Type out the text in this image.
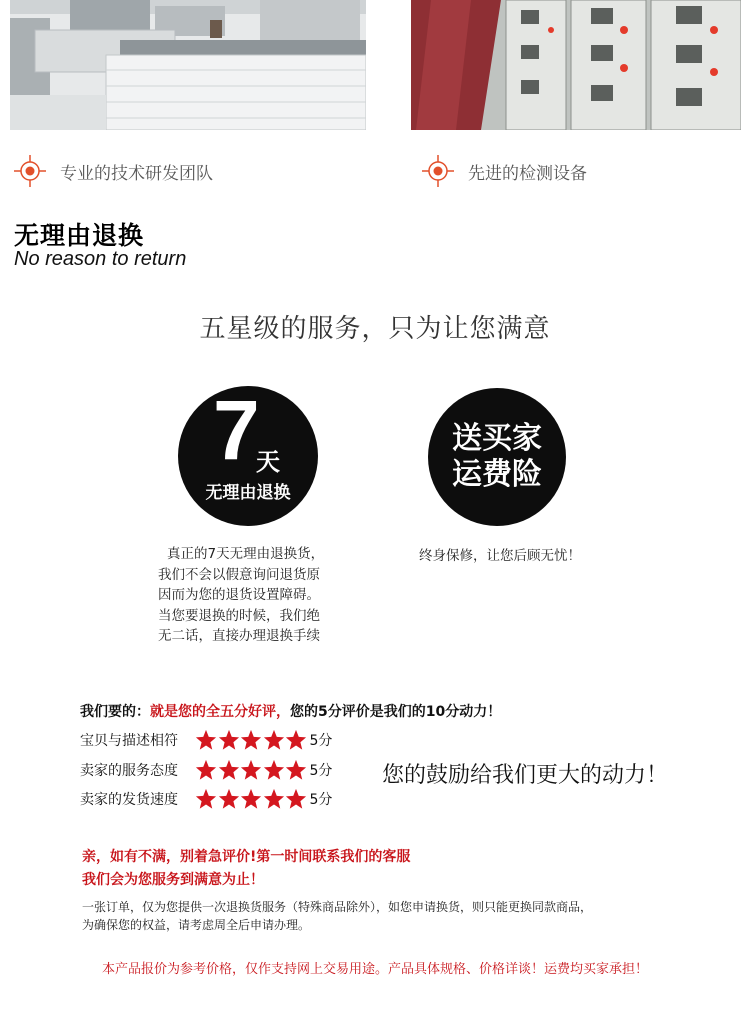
专业的技术研发团队	先进的检测设备
无理由退换
No reason to return
五星级的服务，只为让您满意
7
天
无理由退换
送买家
运费险
真正的7天无理由退换货，
我们不会以假意询问退货原
因而为您的退货设置障碍。
当您要退换的时候，我们绝
无二话，直接办理退换手续
终身保修，让您后顾无忧！
我们要的：就是您的全五分好评，您的5分评价是我们的10分动力！
宝贝与描述相符	5分
卖家的服务态度	5分
卖家的发货速度	5分
您的鼓励给我们更大的动力！
亲，如有不满，别着急评价!第一时间联系我们的客服
我们会为您服务到满意为止！
一张订单，仅为您提供一次退换货服务（特殊商品除外），如您申请换货，则只能更换同款商品，
为确保您的权益，请考虑周全后申请办理。
本产品报价为参考价格，仅作支持网上交易用途。产品具体规格、价格详谈！运费均买家承担！
